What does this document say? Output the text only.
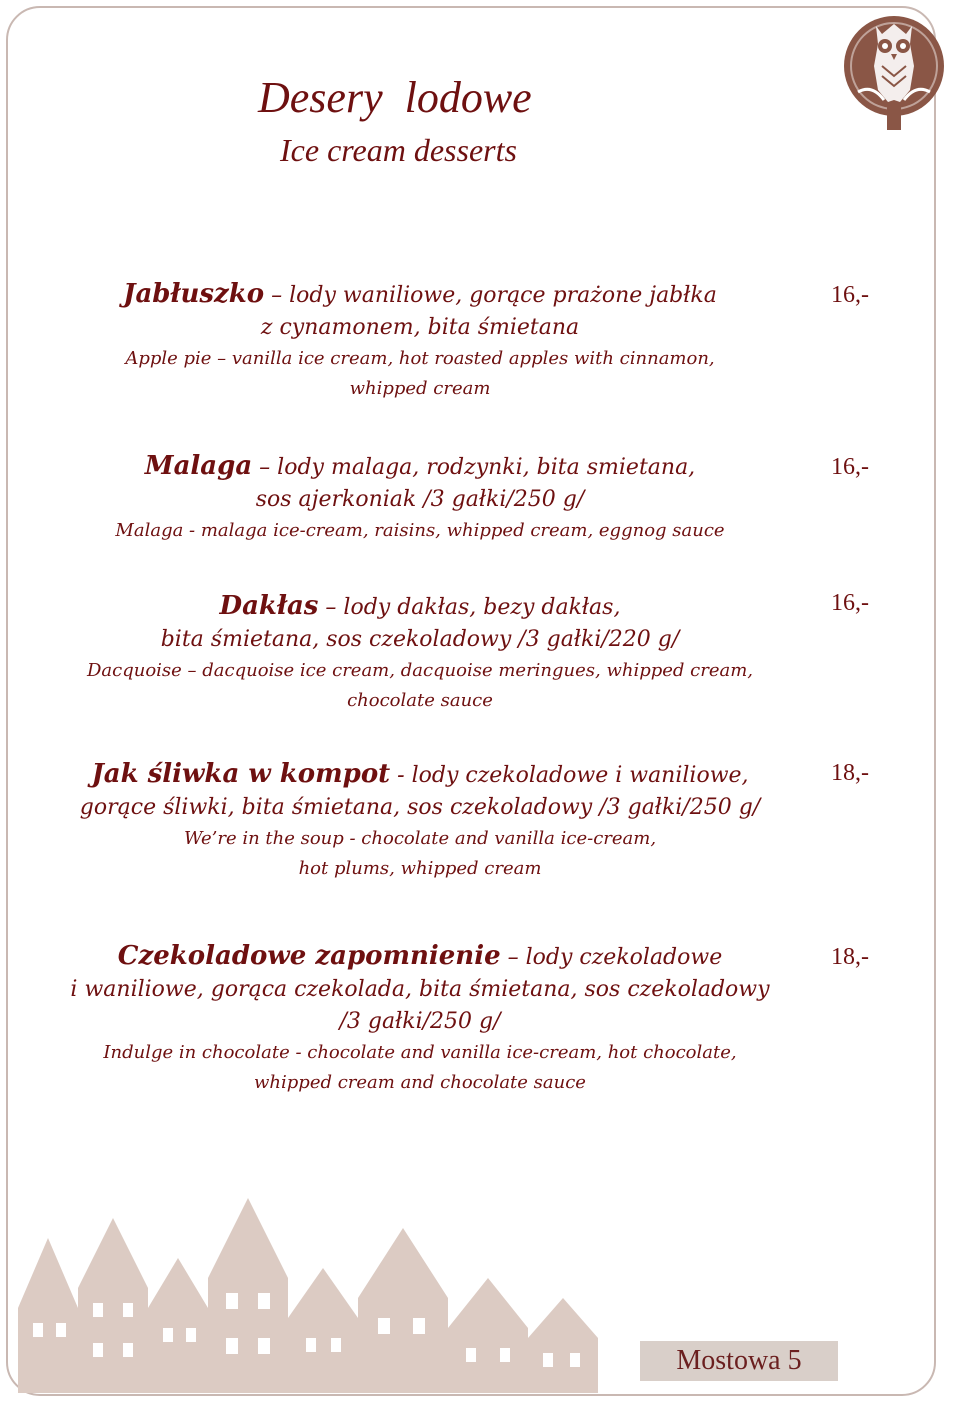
Desery  lodowe
Ice cream desserts
Jabłuszko – lody waniliowe, gorące prażone jabłka
z cynamonem, bita śmietana
Apple pie – vanilla ice cream, hot roasted apples with cinnamon,
whipped cream
16,-
Malaga – lody malaga, rodzynki, bita smietana,
sos ajerkoniak /3 gałki/250 g/
Malaga - malaga ice-cream, raisins, whipped cream, eggnog sauce
16,-
Dakłas – lody dakłas, bezy dakłas,
bita śmietana, sos czekoladowy /3 gałki/220 g/
Dacquoise – dacquoise ice cream, dacquoise meringues, whipped cream,
chocolate sauce
16,-
Jak śliwka w kompot - lody czekoladowe i waniliowe,
gorące śliwki, bita śmietana, sos czekoladowy /3 gałki/250 g/
We’re in the soup - chocolate and vanilla ice-cream,
hot plums, whipped cream
18,-
Czekoladowe zapomnienie – lody czekoladowe
i waniliowe, gorąca czekolada, bita śmietana, sos czekoladowy
/3 gałki/250 g/
Indulge in chocolate - chocolate and vanilla ice-cream, hot chocolate,
whipped cream and chocolate sauce
18,-
Mostowa 5
